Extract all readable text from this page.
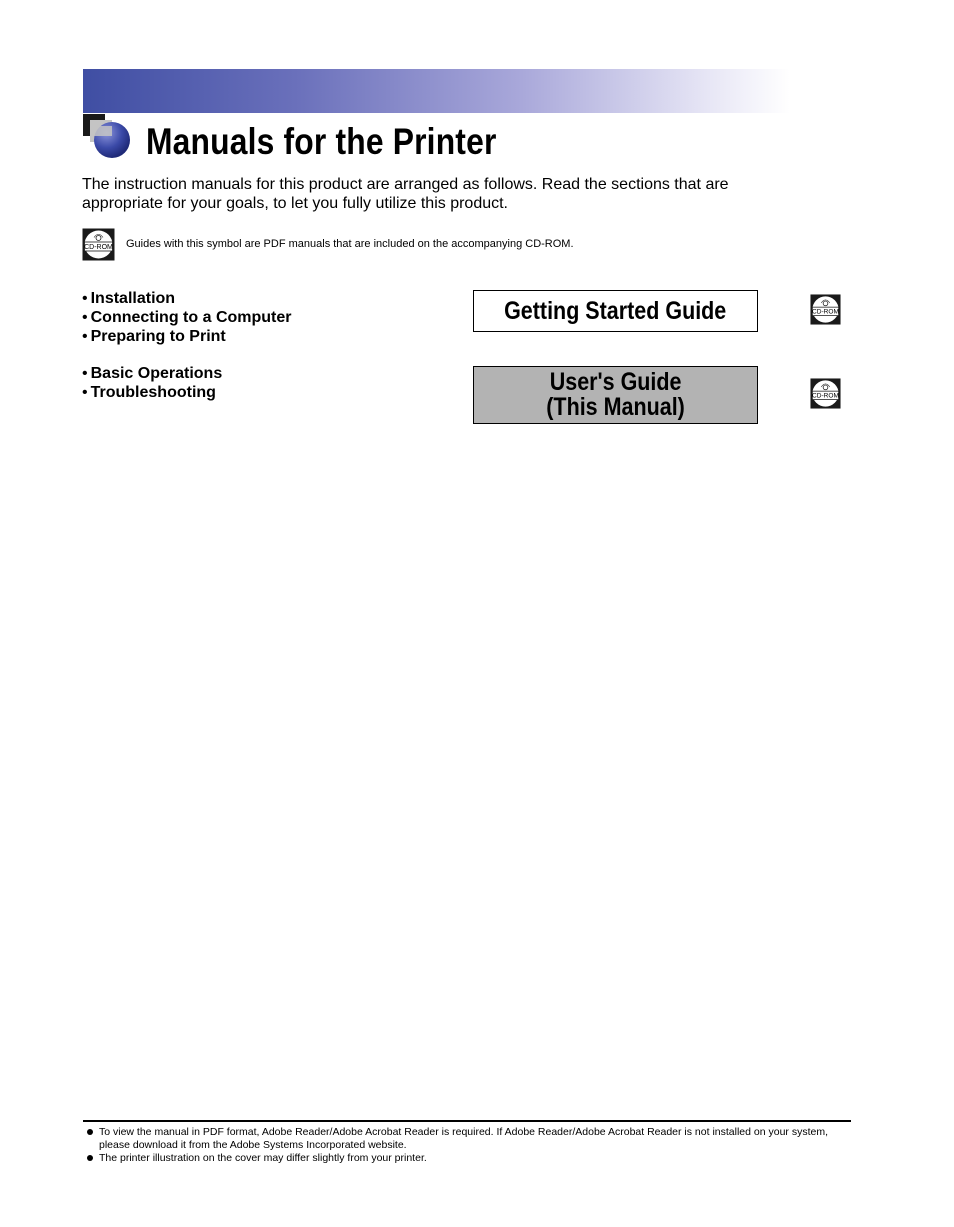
Manuals for the Printer

The instruction manuals for this product are arranged as follows. Read the sections that are appropriate for your goals, to let you fully utilize this product.

CD-ROM Guides with this symbol are PDF manuals that are included on the accompanying CD-ROM.
• Installation
• Connecting to a Computer
• Preparing to Print
Getting Started Guide	CD-ROM
• Basic Operations
• Troubleshooting	User's Guide
(This Manual)	CD-ROM
To view the manual in PDF format, Adobe Reader/Adobe Acrobat Reader is required. If Adobe Reader/Adobe Acrobat Reader is not installed on your system, please download it from the Adobe Systems Incorporated website.
The printer illustration on the cover may differ slightly from your printer.
